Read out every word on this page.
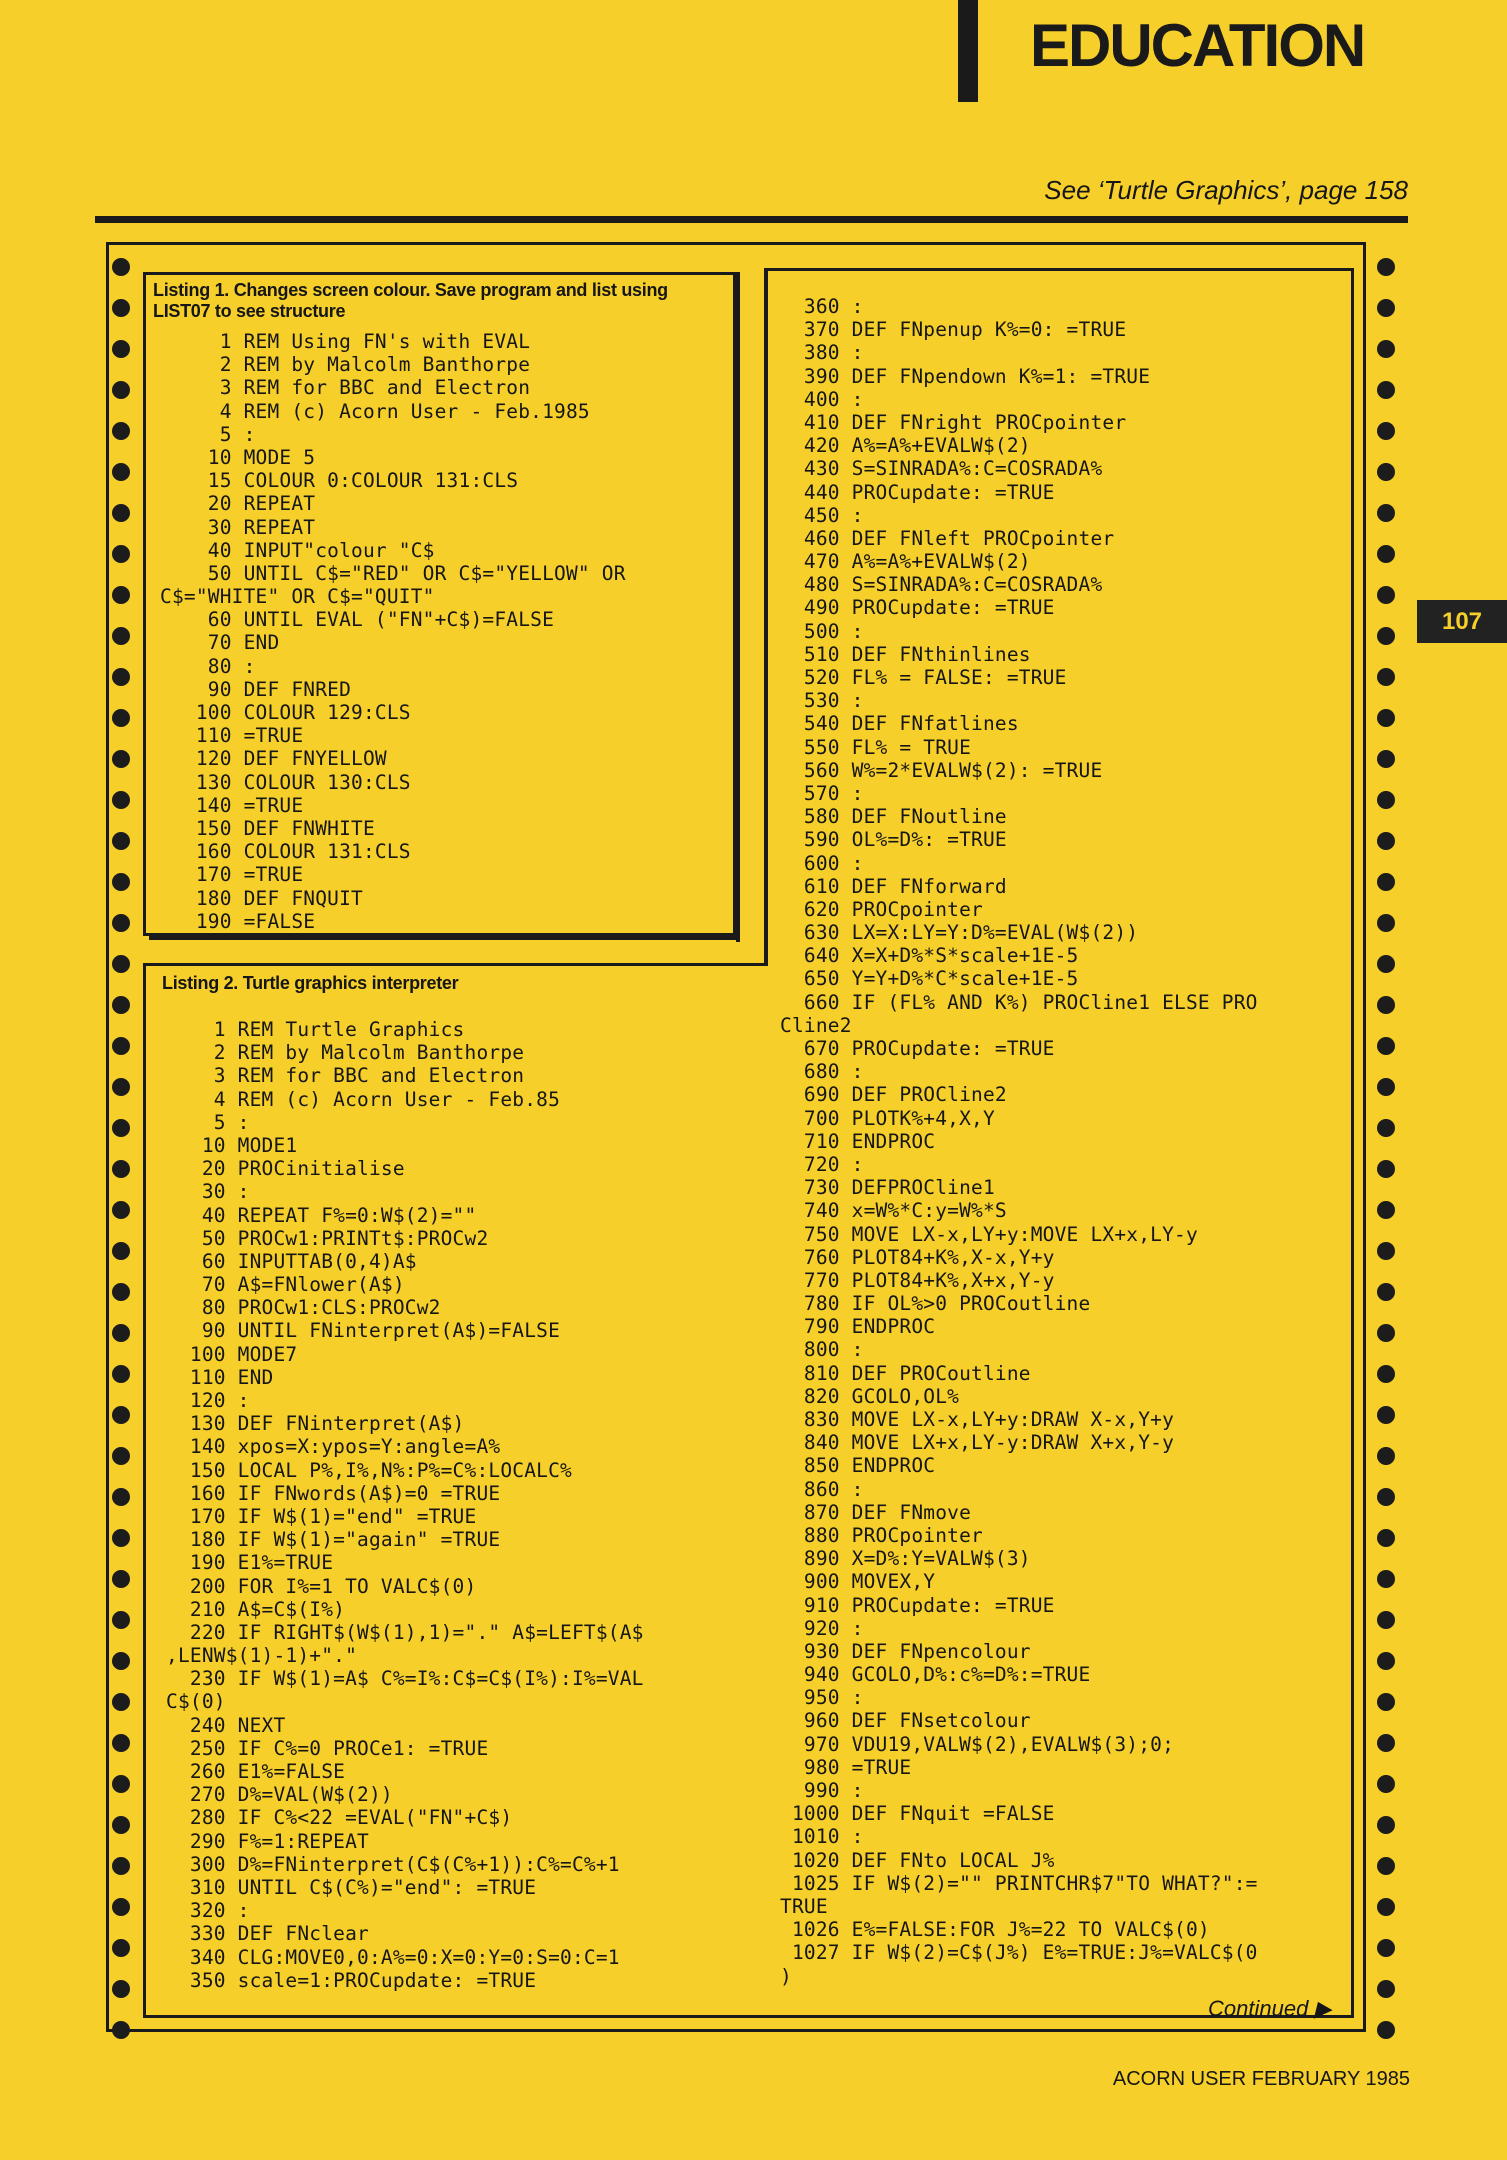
EDUCATION
See ‘Turtle Graphics’, page 158
107
Listing 1. Changes screen colour. Save program and list using LIST07 to see structure
1 REM Using FN's with EVAL
2 REM by Malcolm Banthorpe
3 REM for BBC and Electron
4 REM (c) Acorn User - Feb.1985
5 :
10 MODE 5
15 COLOUR 0:COLOUR 131:CLS
20 REPEAT
30 REPEAT
40 INPUT"colour "C$
50 UNTIL C$="RED" OR C$="YELLOW" OR
C$="WHITE" OR C$="QUIT"
60 UNTIL EVAL ("FN"+C$)=FALSE
70 END
80 :
90 DEF FNRED
100 COLOUR 129:CLS
110 =TRUE
120 DEF FNYELLOW
130 COLOUR 130:CLS
140 =TRUE
150 DEF FNWHITE
160 COLOUR 131:CLS
170 =TRUE
180 DEF FNQUIT
190 =FALSE
Listing 2. Turtle graphics interpreter
1 REM Turtle Graphics
2 REM by Malcolm Banthorpe
3 REM for BBC and Electron
4 REM (c) Acorn User - Feb.85
5 :
10 MODE1
20 PROCinitialise
30 :
40 REPEAT F%=0:W$(2)=""
50 PROCw1:PRINTt$:PROCw2
60 INPUTTAB(0,4)A$
70 A$=FNlower(A$)
80 PROCw1:CLS:PROCw2
90 UNTIL FNinterpret(A$)=FALSE
100 MODE7
110 END
120 :
130 DEF FNinterpret(A$)
140 xpos=X:ypos=Y:angle=A%
150 LOCAL P%,I%,N%:P%=C%:LOCALC%
160 IF FNwords(A$)=0 =TRUE
170 IF W$(1)="end" =TRUE
180 IF W$(1)="again" =TRUE
190 E1%=TRUE
200 FOR I%=1 TO VALC$(0)
210 A$=C$(I%)
220 IF RIGHT$(W$(1),1)="." A$=LEFT$(A$
,LENW$(1)-1)+"."
230 IF W$(1)=A$ C%=I%:C$=C$(I%):I%=VAL
C$(0)
240 NEXT
250 IF C%=0 PROCe1: =TRUE
260 E1%=FALSE
270 D%=VAL(W$(2))
280 IF C%<22 =EVAL("FN"+C$)
290 F%=1:REPEAT
300 D%=FNinterpret(C$(C%+1)):C%=C%+1
310 UNTIL C$(C%)="end": =TRUE
320 :
330 DEF FNclear
340 CLG:MOVE0,0:A%=0:X=0:Y=0:S=0:C=1
350 scale=1:PROCupdate: =TRUE
360 :
370 DEF FNpenup K%=0: =TRUE
380 :
390 DEF FNpendown K%=1: =TRUE
400 :
410 DEF FNright PROCpointer
420 A%=A%+EVALW$(2)
430 S=SINRADA%:C=COSRADA%
440 PROCupdate: =TRUE
450 :
460 DEF FNleft PROCpointer
470 A%=A%+EVALW$(2)
480 S=SINRADA%:C=COSRADA%
490 PROCupdate: =TRUE
500 :
510 DEF FNthinlines
520 FL% = FALSE: =TRUE
530 :
540 DEF FNfatlines
550 FL% = TRUE
560 W%=2*EVALW$(2): =TRUE
570 :
580 DEF FNoutline
590 OL%=D%: =TRUE
600 :
610 DEF FNforward
620 PROCpointer
630 LX=X:LY=Y:D%=EVAL(W$(2))
640 X=X+D%*S*scale+1E-5
650 Y=Y+D%*C*scale+1E-5
660 IF (FL% AND K%) PROCline1 ELSE PRO
Cline2
670 PROCupdate: =TRUE
680 :
690 DEF PROCline2
700 PLOTK%+4,X,Y
710 ENDPROC
720 :
730 DEFPROCline1
740 x=W%*C:y=W%*S
750 MOVE LX-x,LY+y:MOVE LX+x,LY-y
760 PLOT84+K%,X-x,Y+y
770 PLOT84+K%,X+x,Y-y
780 IF OL%>0 PROCoutline
790 ENDPROC
800 :
810 DEF PROCoutline
820 GCOLO,OL%
830 MOVE LX-x,LY+y:DRAW X-x,Y+y
840 MOVE LX+x,LY-y:DRAW X+x,Y-y
850 ENDPROC
860 :
870 DEF FNmove
880 PROCpointer
890 X=D%:Y=VALW$(3)
900 MOVEX,Y
910 PROCupdate: =TRUE
920 :
930 DEF FNpencolour
940 GCOLO,D%:c%=D%:=TRUE
950 :
960 DEF FNsetcolour
970 VDU19,VALW$(2),EVALW$(3);0;
980 =TRUE
990 :
1000 DEF FNquit =FALSE
1010 :
1020 DEF FNto LOCAL J%
1025 IF W$(2)="" PRINTCHR$7"TO WHAT?":=
TRUE
1026 E%=FALSE:FOR J%=22 TO VALC$(0)
1027 IF W$(2)=C$(J%) E%=TRUE:J%=VALC$(0
)
Continued ▶
ACORN USER FEBRUARY 1985
